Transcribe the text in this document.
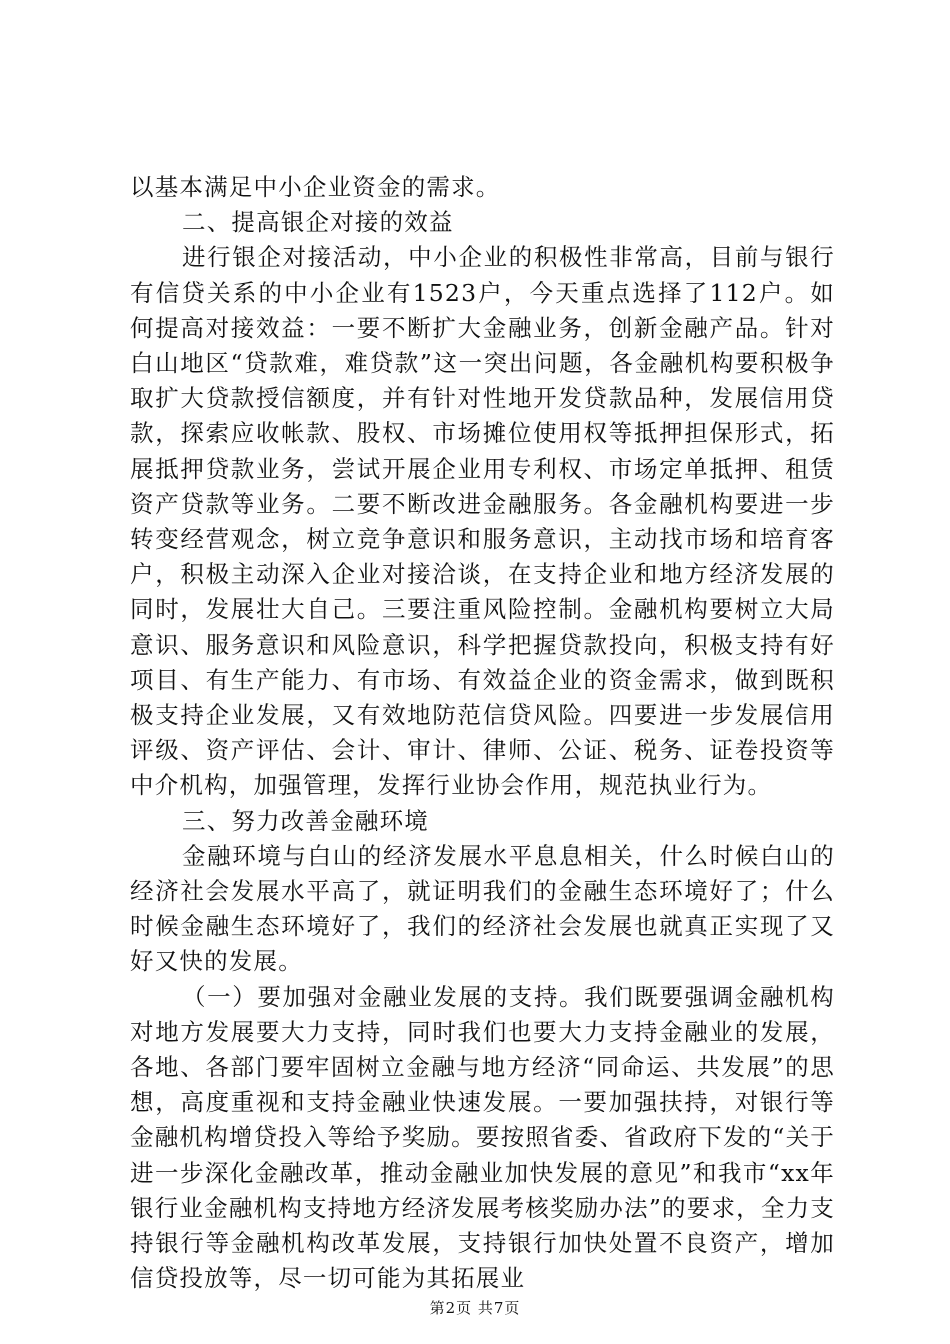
以基本满足中小企业资金的需求。

二、提高银企对接的效益

进行银企对接活动，中小企业的积极性非常高，目前与银行有信贷关系的中小企业有1523户，今天重点选择了112户。如何提高对接效益：一要不断扩大金融业务，创新金融产品。针对白山地区“贷款难，难贷款”这一突出问题，各金融机构要积极争取扩大贷款授信额度，并有针对性地开发贷款品种，发展信用贷款，探索应收帐款、股权、市场摊位使用权等抵押担保形式，拓展抵押贷款业务，尝试开展企业用专利权、市场定单抵押、租赁资产贷款等业务。二要不断改进金融服务。各金融机构要进一步转变经营观念，树立竞争意识和服务意识，主动找市场和培育客户，积极主动深入企业对接洽谈，在支持企业和地方经济发展的同时，发展壮大自己。三要注重风险控制。金融机构要树立大局意识、服务意识和风险意识，科学把握贷款投向，积极支持有好项目、有生产能力、有市场、有效益企业的资金需求，做到既积极支持企业发展，又有效地防范信贷风险。四要进一步发展信用评级、资产评估、会计、审计、律师、公证、税务、证卷投资等中介机构，加强管理，发挥行业协会作用，规范执业行为。

三、努力改善金融环境

金融环境与白山的经济发展水平息息相关，什么时候白山的经济社会发展水平高了，就证明我们的金融生态环境好了；什么时候金融生态环境好了，我们的经济社会发展也就真正实现了又好又快的发展。

（一）要加强对金融业发展的支持。我们既要强调金融机构对地方发展要大力支持，同时我们也要大力支持金融业的发展，各地、各部门要牢固树立金融与地方经济“同命运、共发展”的思想，高度重视和支持金融业快速发展。一要加强扶持，对银行等金融机构增贷投入等给予奖励。要按照省委、省政府下发的“关于进一步深化金融改革，推动金融业加快发展的意见”和我市“xx年银行业金融机构支持地方经济发展考核奖励办法”的要求，全力支持银行等金融机构改革发展，支持银行加快处置不良资产，增加信贷投放等，尽一切可能为其拓展业

第2页 共7页
